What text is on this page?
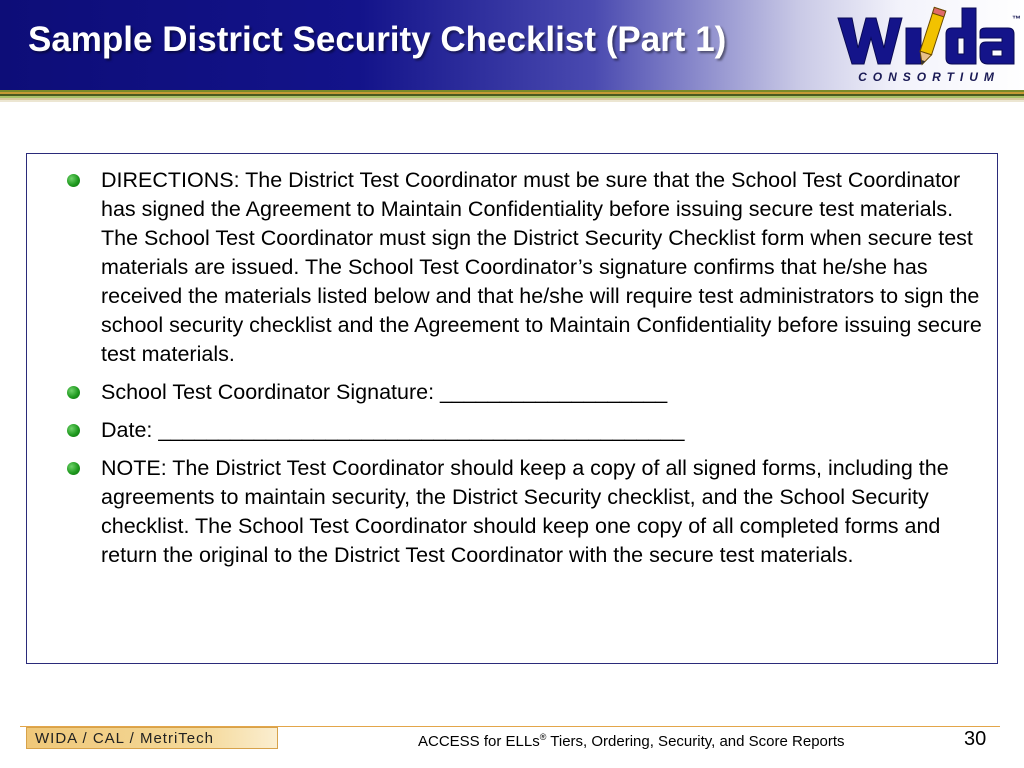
Sample District Security Checklist (Part 1)
™
CONSORTIUM
DIRECTIONS: The District Test Coordinator must be sure that the School Test Coordinator has signed the Agreement to Maintain Confidentiality before issuing secure test materials. The School Test Coordinator must sign the District Security Checklist form when secure test materials are issued. The School Test Coordinator’s signature confirms that he/she has received the materials listed below and that he/she will require test administrators to sign the school security checklist and the Agreement to Maintain Confidentiality before issuing secure test materials.
School Test Coordinator Signature: ___________________
Date: ____________________________________________
NOTE: The District Test Coordinator should keep a copy of all signed forms, including the agreements to maintain security, the District Security checklist, and the School Security checklist. The School Test Coordinator should keep one copy of all completed forms and return the original to the District Test Coordinator with the secure test materials.
WIDA / CAL / MetriTech	ACCESS for ELLs® Tiers, Ordering, Security, and Score Reports	30
